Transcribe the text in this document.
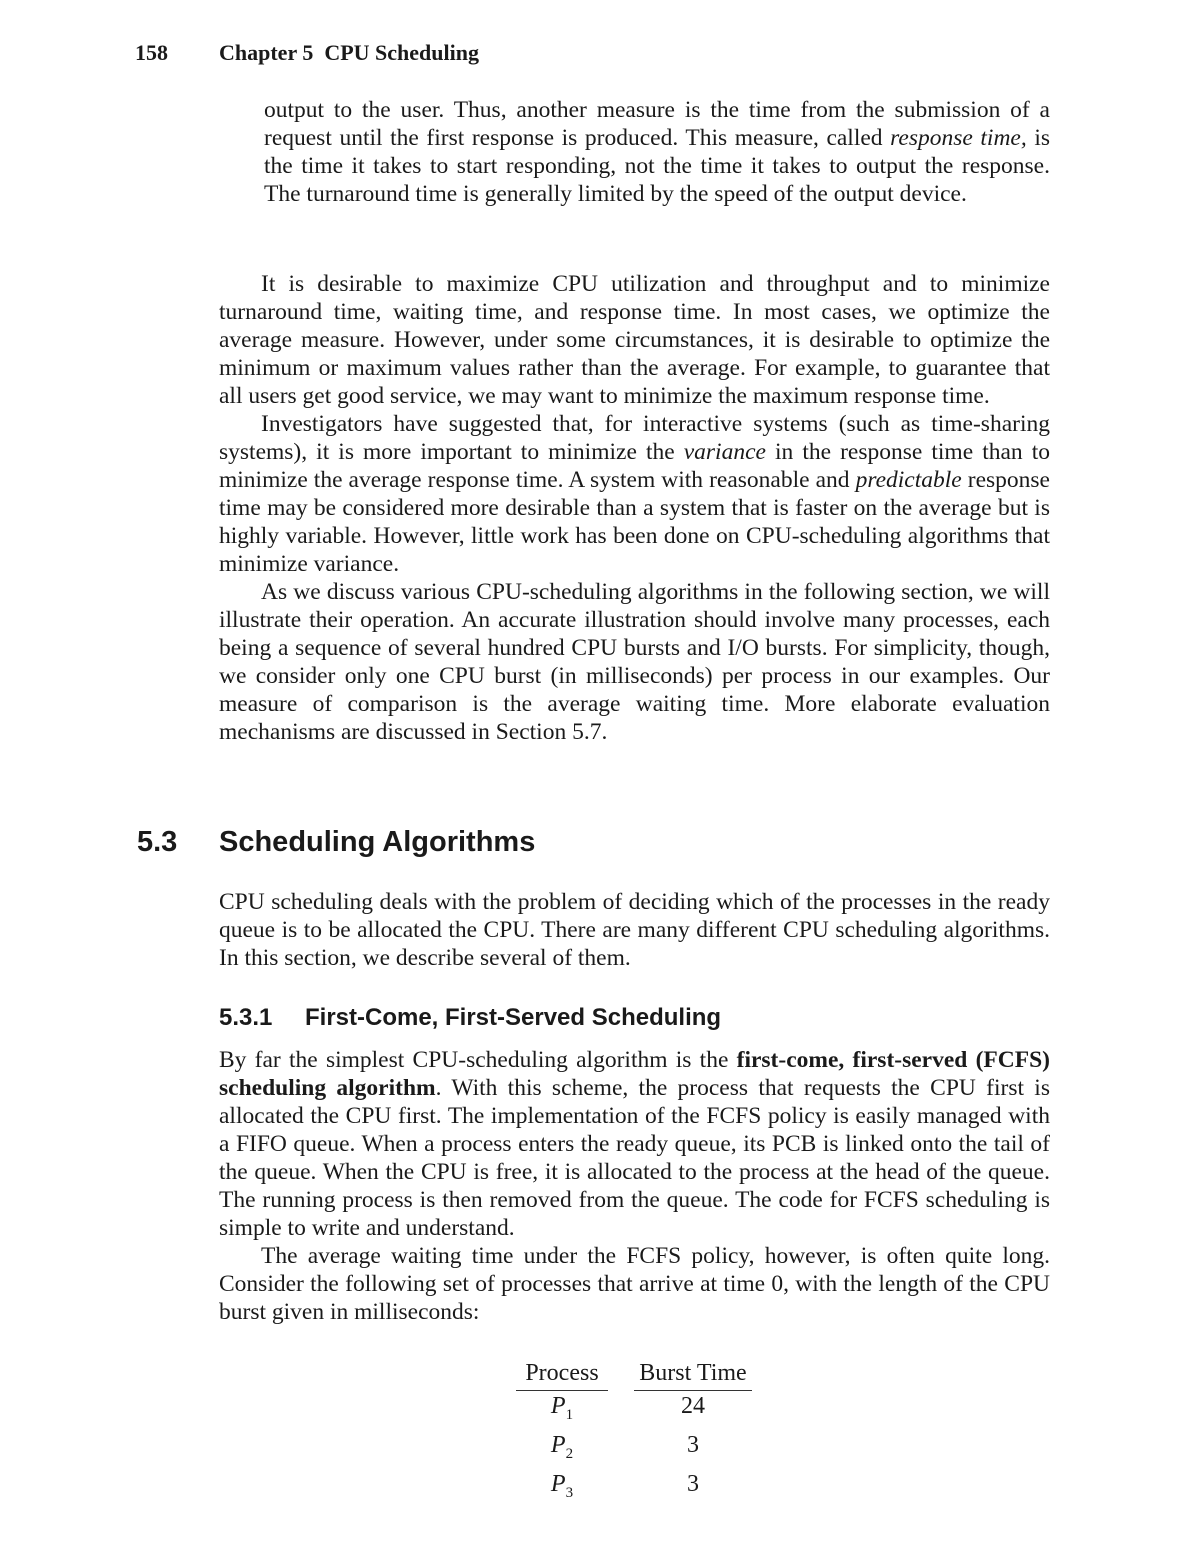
158 Chapter 5 CPU Scheduling
output to the user. Thus, another measure is the time from the submission of a request until the first response is produced. This measure, called response time, is the time it takes to start responding, not the time it takes to output the response. The turnaround time is generally limited by the speed of the output device.

It is desirable to maximize CPU utilization and throughput and to minimize turnaround time, waiting time, and response time. In most cases, we optimize the average measure. However, under some circumstances, it is desirable to optimize the minimum or maximum values rather than the average. For example, to guarantee that all users get good service, we may want to minimize the maximum response time.

Investigators have suggested that, for interactive systems (such as time-sharing systems), it is more important to minimize the variance in the response time than to minimize the average response time. A system with reasonable and predictable response time may be considered more desirable than a system that is faster on the average but is highly variable. However, little work has been done on CPU-scheduling algorithms that minimize variance.

As we discuss various CPU-scheduling algorithms in the following section, we will illustrate their operation. An accurate illustration should involve many processes, each being a sequence of several hundred CPU bursts and I/O bursts. For simplicity, though, we consider only one CPU burst (in milliseconds) per process in our examples. Our measure of comparison is the average waiting time. More elaborate evaluation mechanisms are discussed in Section 5.7.

5.3 Scheduling Algorithms

CPU scheduling deals with the problem of deciding which of the processes in the ready queue is to be allocated the CPU. There are many different CPU scheduling algorithms. In this section, we describe several of them.

5.3.1 First-Come, First-Served Scheduling

By far the simplest CPU-scheduling algorithm is the first-come, first-served (FCFS) scheduling algorithm. With this scheme, the process that requests the CPU first is allocated the CPU first. The implementation of the FCFS policy is easily managed with a FIFO queue. When a process enters the ready queue, its PCB is linked onto the tail of the queue. When the CPU is free, it is allocated to the process at the head of the queue. The running process is then removed from the queue. The code for FCFS scheduling is simple to write and understand.

The average waiting time under the FCFS policy, however, is often quite long. Consider the following set of processes that arrive at time 0, with the length of the CPU burst given in milliseconds:

Process	Burst Time
$P_1$	24
$P_2$	3
$P_3$	3
